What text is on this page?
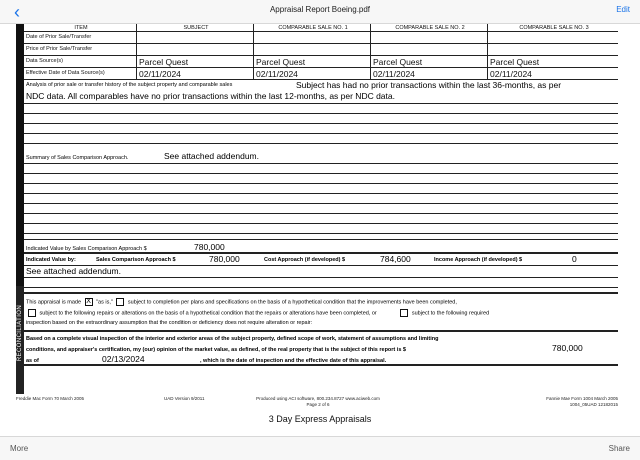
‹	Appraisal Report Boeing.pdf	Edit
RECONCILIATION
ITEM	SUBJECT	COMPARABLE SALE NO. 1	COMPARABLE SALE NO. 2	COMPARABLE SALE NO. 3
Date of Prior Sale/Transfer
Price of Prior Sale/Transfer
Data Source(s)	Parcel Quest	Parcel Quest	Parcel Quest	Parcel Quest
Effective Date of Data Source(s)	02/11/2024	02/11/2024	02/11/2024	02/11/2024
Analysis of prior sale or transfer history of the subject property and comparable sales	Subject has had no prior transactions within the last 36-months, as per
NDC data. All comparables have no prior transactions within the last 12-months, as per NDC data.
Summary of Sales Comparison Approach.	See attached addendum.
Indicated Value by Sales Comparison Approach $	780,000
Indicated Value by:	Sales Comparison Approach $	780,000	Cost Approach (if developed) $	784,600	Income Approach (if developed) $	0
See attached addendum.
This appraisal is made X "as is,"	subject to completion per plans and specifications on the basis of a hypothetical condition that the improvements have been completed,
subject to the following repairs or alterations on the basis of a hypothetical condition that the repairs or alterations have been completed, or	subject to the following required
inspection based on the extraordinary assumption that the condition or deficiency does not require alteration or repair:
Based on a complete visual inspection of the interior and exterior areas of the subject property, defined scope of work, statement of assumptions and limiting
conditions, and appraiser's certification, my (our) opinion of the market value, as defined, of the real property that is the subject of this report is $	780,000
as of	02/13/2024	, which is the date of inspection and the effective date of this appraisal.
Freddie Mac Form 70 March 2005	UAD Version 9/2011	Produced using ACI software, 800.234.8727 www.aciweb.com
Page 2 of 6
Fannie Mae Form 1004 March 2005
1004_05UAD 12182015
3 Day Express Appraisals
More	Share
